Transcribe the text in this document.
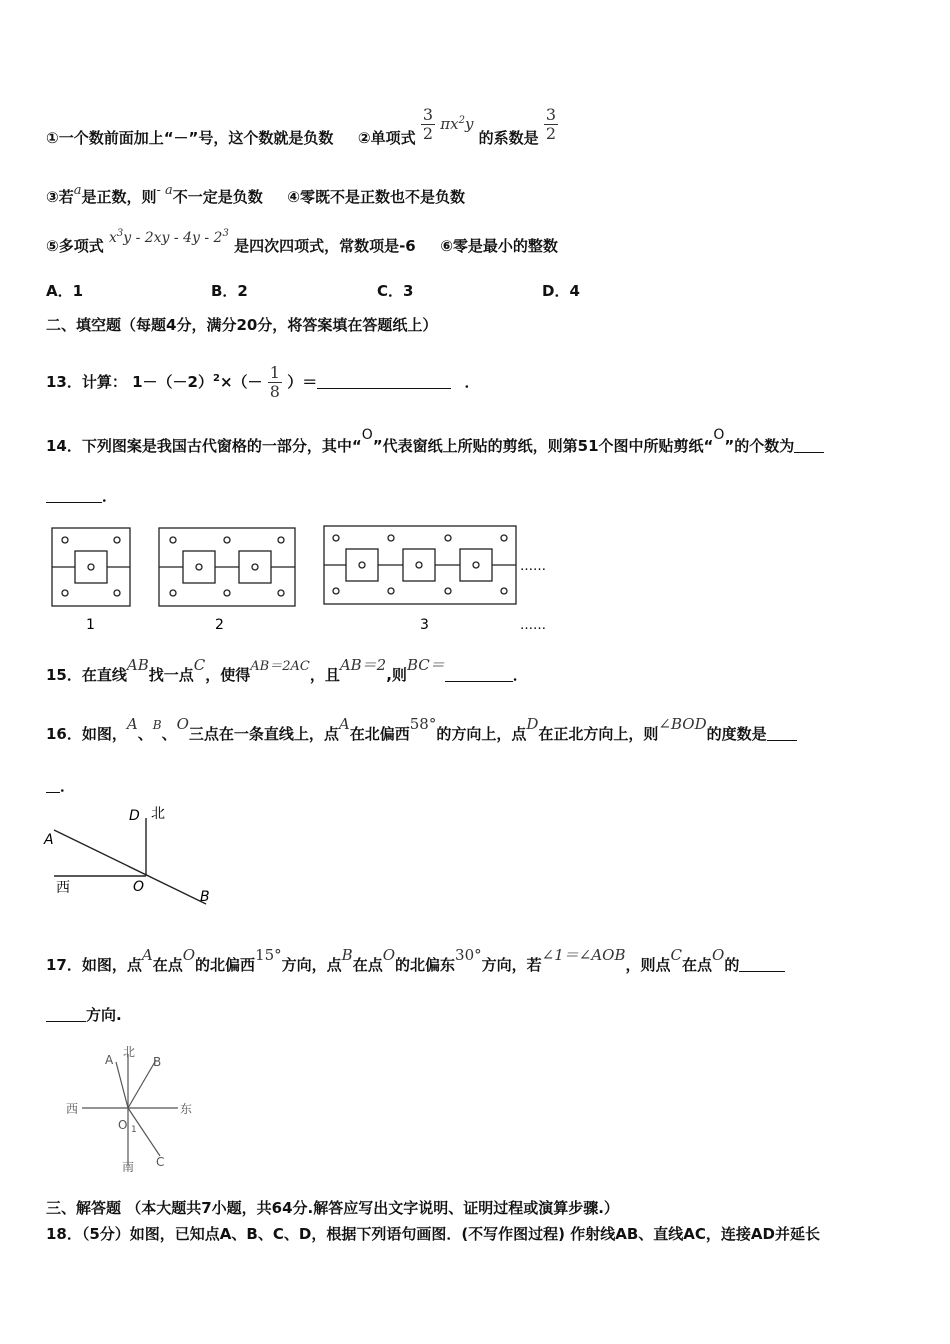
①一个数前面加上“－”号，这个数就是负数 ②单项式 $\frac{3}{2} \pi x^2y$ 的系数是 $\frac{3}{2}$
③若a是正数，则- a不一定是负数 ④零既不是正数也不是负数
⑤多项式 $x^3y - 2xy - 4y - 2^3$ 是四次四项式，常数项是-6 ⑥零是最小的整数
A．1	B．2	C．3	D．4
二、填空题（每题4分，满分20分，将答案填在答题纸上）
13．计算： $1-(-2)^2\times(- \frac{1}{8}$ ）＝	．
14．下列图案是我国古代窗格的一部分，其中“O”代表窗纸上所贴的剪纸，则第51个图中所贴剪纸“O”的个数为
．
……
1	2	3	……
15．在直线AB找一点C，使得AB＝2AC，且AB＝2,则BC＝．
16．如图，A、$^B$、O三点在一条直线上，点A在北偏西58°的方向上，点D在正北方向上，则∠BOD的度数是
．
D 北
A
西	O
B
17．如图，点A在点O的北偏西15°方向，点B在点O的北偏东30°方向，若∠1＝∠AOB，则点C在点O的
方向.
A
北
B
西	东
O 1
南 C
三、解答题 （本大题共7小题，共64分.解答应写出文字说明、证明过程或演算步骤.）
18．（5分）如图，已知点A、B、C、D，根据下列语句画图．(不写作图过程) 作射线AB、直线AC，连接AD并延长
